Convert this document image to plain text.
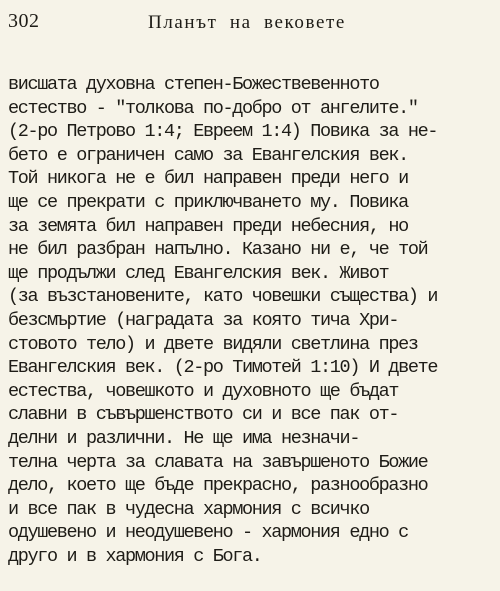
302	Планът на вековете
висшата духовна степен-Божествевенното
естество - "толкова по-добро от ангелите."
(2-ро Петрово 1:4; Евреем 1:4) Повика за не-
бето е ограничен само за Евангелския век.
Той никога не е бил направен преди него и
ще се прекрати с приключването му. Повика
за земята бил направен преди небесния, но
не бил разбран напълно. Казано ни е, че той
ще продължи след Евангелския век. Живот
(за възстановените, като човешки същества) и
безсмъртие (наградата за която тича Хри-
стовото тело) и двете видяли светлина през
Евангелския век. (2-ро Тимотей 1:10) И двете
естества, човешкото и духовното ще бъдат
славни в съвършенството си и все пак от-
делни и различни. Не ще има незначи-
телна черта за славата на завършеното Божие
дело, което ще бъде прекрасно, разнообразно
и все пак в чудесна хармония с всичко
одушевено и неодушевено - хармония едно с
друго и в хармония с Бога.
